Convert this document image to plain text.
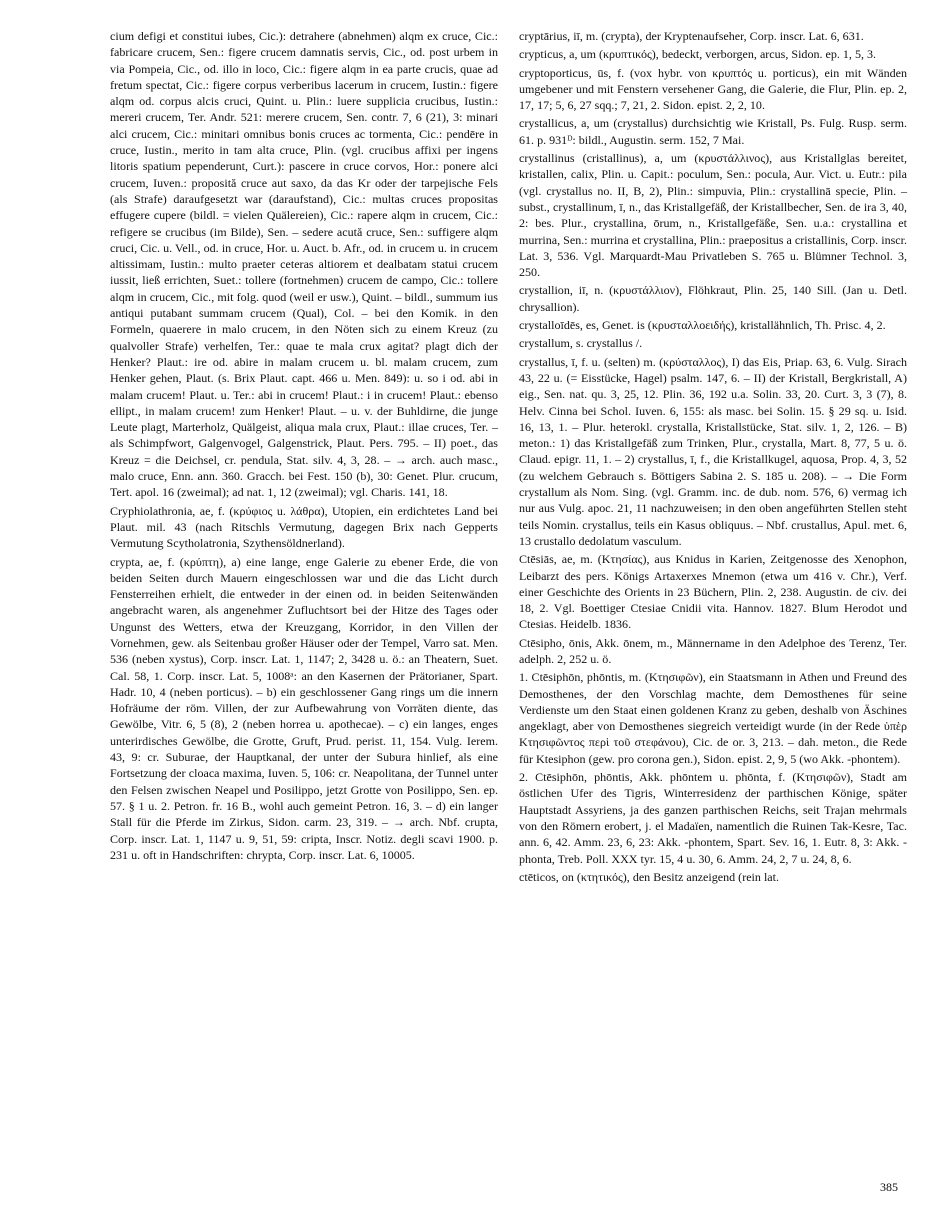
cium defigi et constitui iubes, Cic.): detrahere (abnehmen) alqm ex cruce, Cic.: fabricare crucem, Sen.: figere crucem damnatis servis, Cic., od. post urbem in via Pompeia, Cic., od. illo in loco, Cic.: figere alqm in ea parte crucis, quae ad fretum spectat, Cic.: figere corpus verberibus lacerum in crucem, Iustin.: figere alqm od. corpus alcis cruci, Quint. u. Plin.: luere supplicia crucibus, Iustin.: mereri crucem, Ter. Andr. 521: merere crucem, Sen. contr. 7, 6 (21), 3: minari alci crucem, Cic.: minitari omnibus bonis cruces ac tormenta, Cic.: pendēre in cruce, Iustin., merito in tam alta cruce, Plin. (vgl. crucibus affixi per ingens litoris spatium pependerunt, Curt.): pascere in cruce corvos, Hor.: ponere alci crucem, Iuven.: proposită cruce aut saxo, da das Kr oder der tarpejische Fels (als Strafe) daraufgesetzt war (daraufstand), Cic.: multas cruces propositas effugere cupere (bildl. = vielen Quälereien), Cic.: rapere alqm in crucem, Cic.: refigere se crucibus (im Bilde), Sen. – sedere acută cruce, Sen.: suffigere alqm cruci, Cic. u. Vell., od. in cruce, Hor. u. Auct. b. Afr., od. in crucem u. in crucem altissimam, Iustin.: multo praeter ceteras altiorem et dealbatam statui crucem iussit, ließ errichten, Suet.: tollere (fortnehmen) crucem de campo, Cic.: tollere alqm in crucem, Cic., mit folg. quod (weil er usw.), Quint. – bildl., summum ius antiqui putabant summam crucem (Qual), Col. – bei den Komik. in den Formeln, quaerere in malo crucem, in den Nöten sich zu einem Kreuz (zu qualvoller Strafe) verhelfen, Ter.: quae te mala crux agitat? plagt dich der Henker? Plaut.: ire od. abire in malam crucem u. bl. malam crucem, zum Henker gehen, Plaut. (s. Brix Plaut. capt. 466 u. Men. 849): u. so i od. abi in malam crucem! Plaut. u. Ter.: abi in crucem! Plaut.: i in crucem! Plaut.: ebenso ellipt., in malam crucem! zum Henker! Plaut. – u. v. der Buhldirne, die junge Leute plagt, Marterholz, Quälgeist, aliqua mala crux, Plaut.: illae cruces, Ter. – als Schimpfwort, Galgenvogel, Galgenstrick, Plaut. Pers. 795. – II) poet., das Kreuz = die Deichsel, cr. pendula, Stat. silv. 4, 3, 28. – → arch. auch masc., malo cruce, Enn. ann. 360. Gracch. bei Fest. 150 (b), 30: Genet. Plur. crucum, Tert. apol. 16 (zweimal); ad nat. 1, 12 (zweimal); vgl. Charis. 141, 18.

Cryphiolathronia, ae, f. (κρύφιος u. λάθρα), Utopien, ein erdichtetes Land bei Plaut. mil. 43 (nach Ritschls Vermutung, dagegen Brix nach Gepperts Vermutung Scytholatronia, Szythensöldnerland).

crypta, ae, f. (κρύπτη), a) eine lange, enge Galerie zu ebener Erde, die von beiden Seiten durch Mauern eingeschlossen war und die das Licht durch Fensterreihen erhielt, die entweder in der einen od. in beiden Seitenwänden angebracht waren, als angenehmer Zufluchtsort bei der Hitze des Tages oder Ungunst des Wetters, etwa der Kreuzgang, Korridor, in den Villen der Vornehmen, gew. als Seitenbau großer Häuser oder der Tempel, Varro sat. Men. 536 (neben xystus), Corp. inscr. Lat. 1, 1147; 2, 3428 u. ö.: an Theatern, Suet. Cal. 58, 1. Corp. inscr. Lat. 5, 1008ᵃ: an den Kasernen der Prätorianer, Spart. Hadr. 10, 4 (neben porticus). – b) ein geschlossener Gang rings um die innern Hofräume der röm. Villen, der zur Aufbewahrung von Vorräten diente, das Gewölbe, Vitr. 6, 5 (8), 2 (neben horrea u. apothecae). – c) ein langes, enges unterirdisches Gewölbe, die Grotte, Gruft, Prud. perist. 11, 154. Vulg. Ierem. 43, 9: cr. Suburae, der Hauptkanal, der unter der Subura hinlief, als eine Fortsetzung der cloaca maxima, Iuven. 5, 106: cr. Neapolitana, der Tunnel unter den Felsen zwischen Neapel und Posilippo, jetzt Grotte von Posilippo, Sen. ep. 57. § 1 u. 2. Petron. fr. 16 B., wohl auch gemeint Petron. 16, 3. – d) ein langer Stall für die Pferde im Zirkus, Sidon. carm. 23, 319. – → arch. Nbf. crupta, Corp. inscr. Lat. 1, 1147 u. 9, 51, 59: cripta, Inscr. Notiz. degli scavi 1900. p. 231 u. oft in Handschriften: chrypta, Corp. inscr. Lat. 6, 10005.

cryptārius, iī, m. (crypta), der Kryptenaufseher, Corp. inscr. Lat. 6, 631.

crypticus, a, um (κρυπτικός), bedeckt, verborgen, arcus, Sidon. ep. 1, 5, 3.

cryptoporticus, ūs, f. (vox hybr. von κρυπτός u. porticus), ein mit Wänden umgebener und mit Fenstern versehener Gang, die Galerie, die Flur, Plin. ep. 2, 17, 17; 5, 6, 27 sqq.; 7, 21, 2. Sidon. epist. 2, 2, 10.

crystallicus, a, um (crystallus) durchsichtig wie Kristall, Ps. Fulg. Rusp. serm. 61. p. 931ᴰ: bildl., Augustin. serm. 152, 7 Mai.

crystallinus (cristallinus), a, um (κρυστάλλινος), aus Kristallglas bereitet, kristallen, calix, Plin. u. Capit.: poculum, Sen.: pocula, Aur. Vict. u. Eutr.: pila (vgl. crystallus no. II, B, 2), Plin.: simpuvia, Plin.: crystallinā specie, Plin. – subst., crystallinum, ī, n., das Kristallgefäß, der Kristallbecher, Sen. de ira 3, 40, 2: bes. Plur., crystallina, ōrum, n., Kristallgefäße, Sen. u.a.: crystallina et murrina, Sen.: murrina et crystallina, Plin.: praepositus a cristallinis, Corp. inscr. Lat. 3, 536. Vgl. Marquardt-Mau Privatleben S. 765 u. Blümner Technol. 3, 250.

crystallion, iī, n. (κρυστάλλιον), Flöhkraut, Plin. 25, 140 Sill. (Jan u. Detl. chrysallion).

crystalloīdēs, es, Genet. is (κρυσταλλοειδής), kristallähnlich, Th. Prisc. 4, 2.

crystallum, s. crystallus /.

crystallus, ī, f. u. (selten) m. (κρύσταλλος), I) das Eis, Priap. 63, 6. Vulg. Sirach 43, 22 u. (= Eisstücke, Hagel) psalm. 147, 6. – II) der Kristall, Bergkristall, A) eig., Sen. nat. qu. 3, 25, 12. Plin. 36, 192 u.a. Solin. 33, 20. Curt. 3, 3 (7), 8. Helv. Cinna bei Schol. Iuven. 6, 155: als masc. bei Solin. 15. § 29 sq. u. Isid. 16, 13, 1. – Plur. heterokl. crystalla, Kristallstücke, Stat. silv. 1, 2, 126. – B) meton.: 1) das Kristallgefäß zum Trinken, Plur., crystalla, Mart. 8, 77, 5 u. ö. Claud. epigr. 11, 1. – 2) crystallus, ī, f., die Kristallkugel, aquosa, Prop. 4, 3, 52 (zu welchem Gebrauch s. Böttigers Sabina 2. S. 185 u. 208). – → Die Form crystallum als Nom. Sing. (vgl. Gramm. inc. de dub. nom. 576, 6) vermag ich nur aus Vulg. apoc. 21, 11 nachzuweisen; in den oben angeführten Stellen steht teils Nomin. crystallus, teils ein Kasus obliquus. – Nbf. crustallus, Apul. met. 6, 13 crustallo dedolatum vasculum.

Ctēsiās, ae, m. (Κτησίας), aus Knidus in Karien, Zeitgenosse des Xenophon, Leibarzt des pers. Königs Artaxerxes Mnemon (etwa um 416 v. Chr.), Verf. einer Geschichte des Orients in 23 Büchern, Plin. 2, 238. Augustin. de civ. dei 18, 2. Vgl. Boettiger Ctesiae Cnidii vita. Hannov. 1827. Blum Herodot und Ctesias. Heidelb. 1836.

Ctēsipho, ōnis, Akk. ōnem, m., Männername in den Adelphoe des Terenz, Ter. adelph. 2, 252 u. ö.

1. Ctēsiphōn, phōntis, m. (Κτησιφῶν), ein Staatsmann in Athen und Freund des Demosthenes, der den Vorschlag machte, dem Demosthenes für seine Verdienste um den Staat einen goldenen Kranz zu geben, deshalb von Äschines angeklagt, aber von Demosthenes siegreich verteidigt wurde (in der Rede ὑπὲρ Κτησιφῶντος περὶ τοῦ στεφάνου), Cic. de or. 3, 213. – dah. meton., die Rede für Ktesiphon (gew. pro corona gen.), Sidon. epist. 2, 9, 5 (wo Akk. -phontem).

2. Ctēsiphōn, phōntis, Akk. phōntem u. phōnta, f. (Κτησιφῶν), Stadt am östlichen Ufer des Tigris, Winterresidenz der parthischen Könige, später Hauptstadt Assyriens, ja des ganzen parthischen Reichs, seit Trajan mehrmals von den Römern erobert, j. el Madaïen, namentlich die Ruinen Tak-Kesre, Tac. ann. 6, 42. Amm. 23, 6, 23: Akk. -phontem, Spart. Sev. 16, 1. Eutr. 8, 3: Akk. -phonta, Treb. Poll. XXX tyr. 15, 4 u. 30, 6. Amm. 24, 2, 7 u. 24, 8, 6.

ctēticos, on (κτητικός), den Besitz anzeigend (rein lat.

385
